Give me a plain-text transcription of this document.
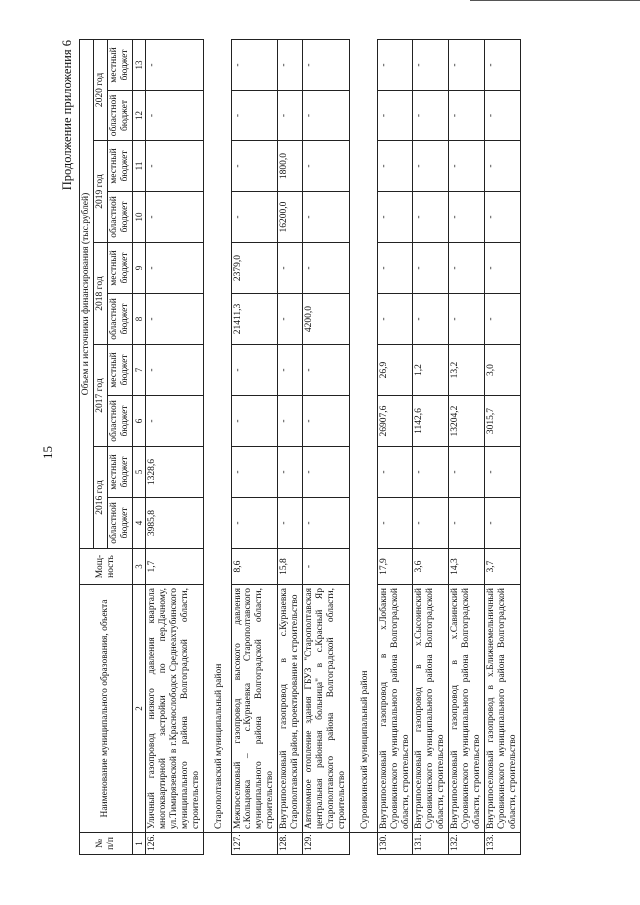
15
Продолжение приложения 6
№
п/п	Наименование муниципального образования, объекта	Мощ-
ность	Объем и источники финансирования (тыс.рублей)									
			2016 год		2017 год		2018 год		2019 год		2020 год	
			областной бюджет	местный бюджет	областной бюджет	местный бюджет	областной бюджет	местный бюджет	областной бюджет	местный бюджет	областной бюджет	местный бюджет
1	2	3	4	5	6	7	8	9	10	11	12	13
126.	Уличный газопровод низкого давления квартала многоквартирной застройки по пер.Дачному, ул.Тимирязевской в г.Краснослободск Среднеахтубинского муниципального района Волгоградской области, строительство	1,7	3985,8	1328,6	-	-	-	-	-	-	-	-
	Старополтавский муниципальный район											
127.	Межпоселковый газопровод высокого давления с.Кольцовка – с.Курнаевка Старополтавского муниципального района Волгоградской области, строительство	8,6	-	-	-	-	21411,3	2379,0	-	-	-	-
128.	Внутрипоселковый газопровод в с.Курнаевка Старополтавский район, проектирование и строительство	15,8	-	-	-	-	-	-	16200,0	1800,0	-	-
129.	Автономное отопление здания ГБУЗ "Старополтавская центральная районная больница" в с.Красный Яр Старополтавского района Волгоградской области, строительство	-	-	-	-	-	4200,0	-	-	-	-	-
	Суровикинский муниципальный район											
130.	Внутрипоселковый газопровод в х.Лобакин Суровикинского муниципального района Волгоградской области, строительство	17,9	-	-	26907,6	26,9	-	-	-	-	-	-
131.	Внутрипоселковый газопровод в х.Сысоинский Суровикинского муниципального района Волгоградской области, строительство	3,6	-	-	1142,6	1,2	-	-	-	-	-	-
132.	Внутрипоселковый газопровод в х.Савинский Суровикинского муниципального района Волгоградской области, строительство	14,3	-	-	13204,2	13,2	-	-	-	-	-	-
133.	Внутрипоселковый газопровод в х.Ближнемельничный Суровикинского муниципального района Волгоградской области, строительство	3,7	-	-	3015,7	3,0	-	-	-	-	-	-
